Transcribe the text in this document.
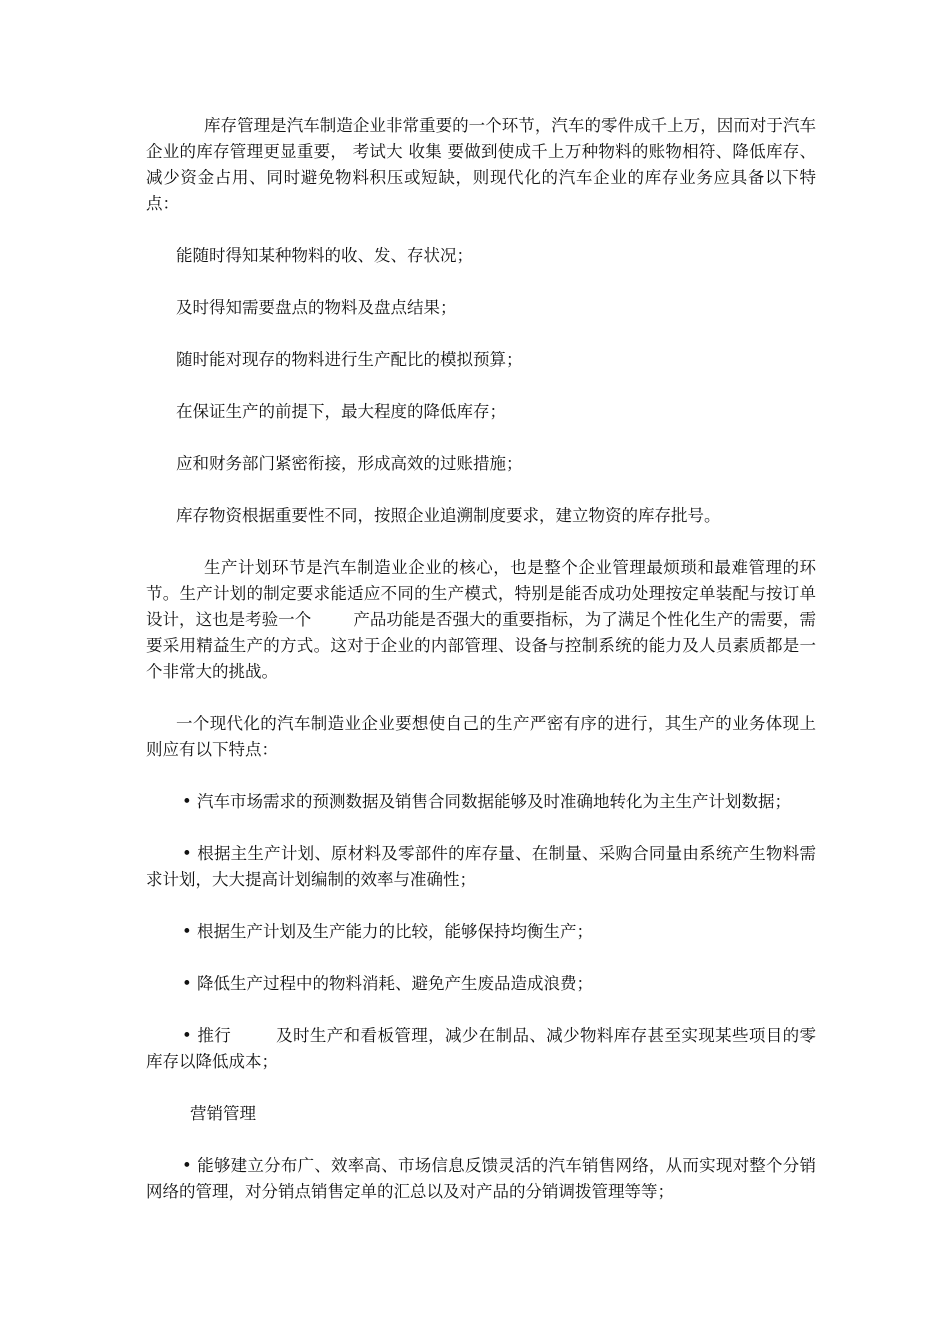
库存管理是汽车制造企业非常重要的一个环节，汽车的零件成千上万，因而对于汽车企业的库存管理更显重要， 考试大 收集 要做到使成千上万种物料的账物相符、降低库存、减少资金占用、同时避免物料积压或短缺，则现代化的汽车企业的库存业务应具备以下特点：

能随时得知某种物料的收、发、存状况；

及时得知需要盘点的物料及盘点结果；

随时能对现存的物料进行生产配比的模拟预算；

在保证生产的前提下，最大程度的降低库存；

应和财务部门紧密衔接，形成高效的过账措施；

库存物资根据重要性不同，按照企业追溯制度要求，建立物资的库存批号。

生产计划环节是汽车制造业企业的核心，也是整个企业管理最烦琐和最难管理的环节。生产计划的制定要求能适应不同的生产模式，特别是能否成功处理按定单装配与按订单设计，这也是考验一个        产品功能是否强大的重要指标，为了满足个性化生产的需要，需要采用精益生产的方式。这对于企业的内部管理、设备与控制系统的能力及人员素质都是一个非常大的挑战。

一个现代化的汽车制造业企业要想使自己的生产严密有序的进行，其生产的业务体现上则应有以下特点：

• 汽车市场需求的预测数据及销售合同数据能够及时准确地转化为主生产计划数据；

• 根据主生产计划、原材料及零部件的库存量、在制量、采购合同量由系统产生物料需求计划，大大提高计划编制的效率与准确性；

• 根据生产计划及生产能力的比较，能够保持均衡生产；

• 降低生产过程中的物料消耗、避免产生废品造成浪费；

• 推行        及时生产和看板管理，减少在制品、减少物料库存甚至实现某些项目的零库存以降低成本；

营销管理

• 能够建立分布广、效率高、市场信息反馈灵活的汽车销售网络，从而实现对整个分销网络的管理，对分销点销售定单的汇总以及对产品的分销调拨管理等等；
